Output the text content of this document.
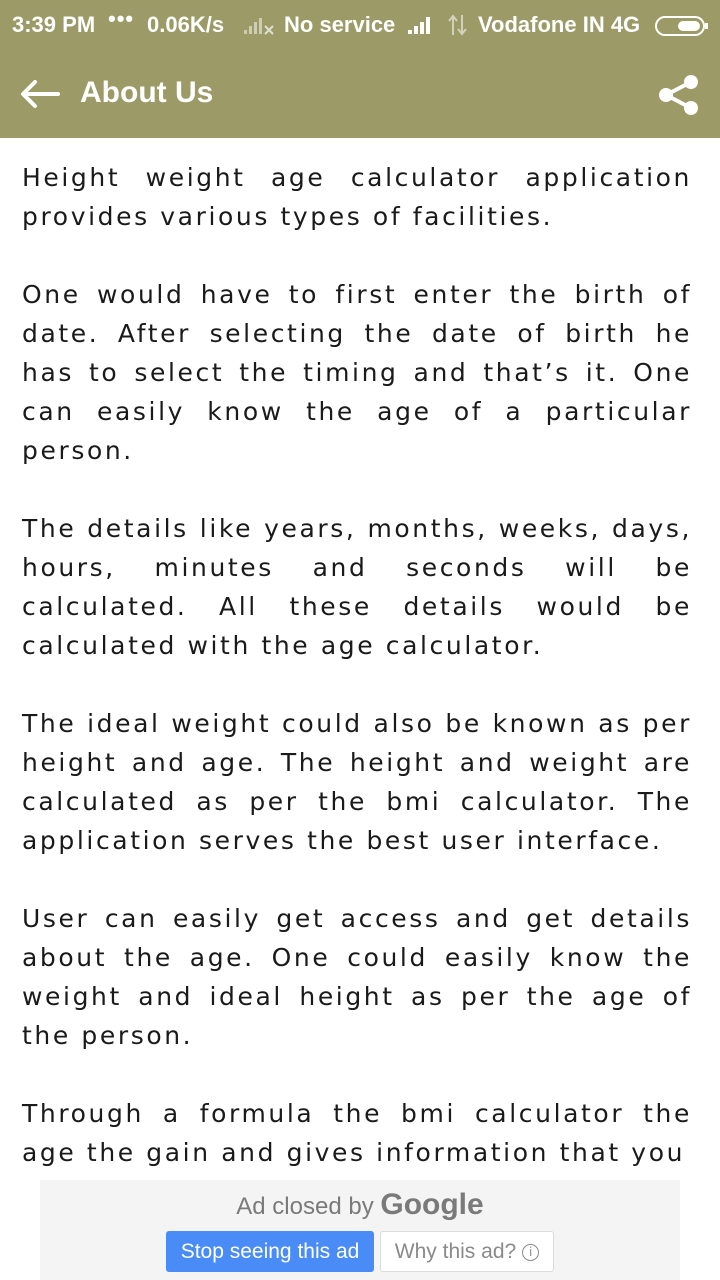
3:39 PM ••• 0.06K/s	No service	Vodafone IN 4G
About Us

Height weight age calculator application provides various types of facilities.

One would have to first enter the birth of date. After selecting the date of birth he has to select the timing and that’s it. One can easily know the age of a particular person.

The details like years, months, weeks, days, hours, minutes and seconds will be calculated. All these details would be calculated with the age calculator.

The ideal weight could also be known as per height and age. The height and weight are calculated as per the bmi calculator. The application serves the best user interface.

User can easily get access and get details about the age. One could easily know the weight and ideal height as per the age of the person.

Through a formula the bmi calculator the age the gain and gives information that you

Ad closed by Google
Stop seeing this ad	Why this ad? i
